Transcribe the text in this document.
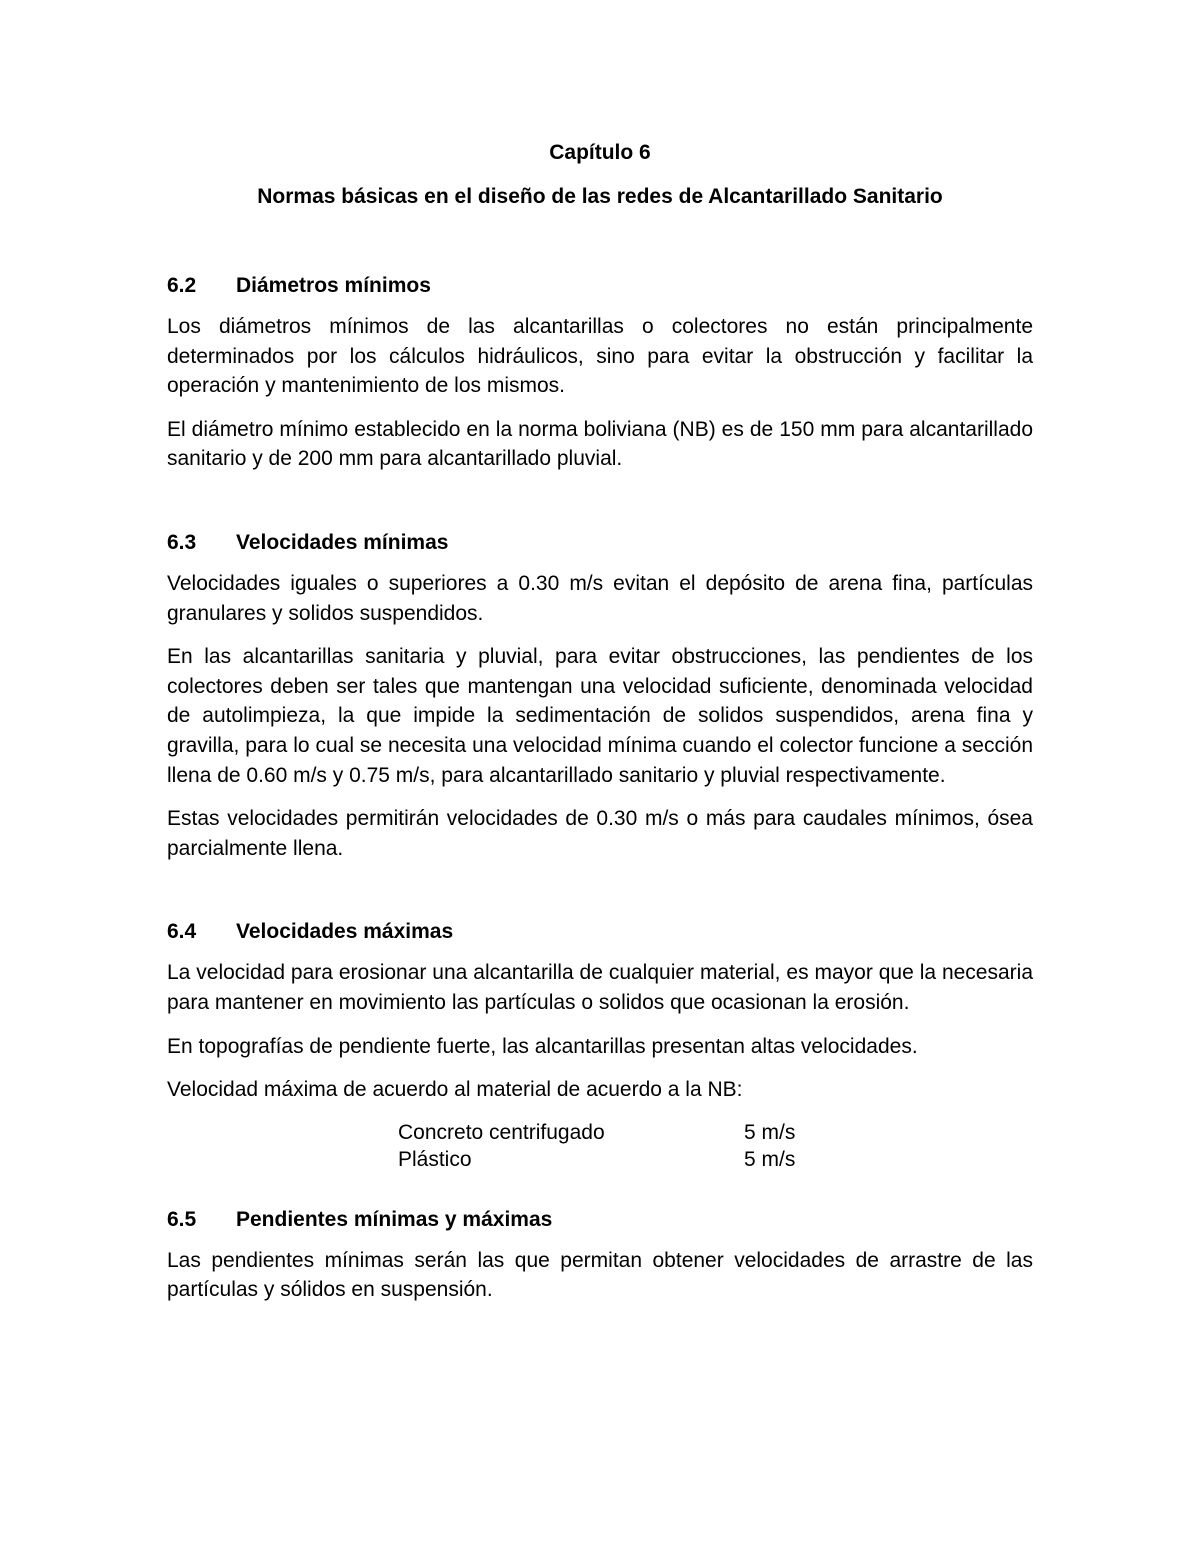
Capítulo 6

Normas básicas en el diseño de las redes de Alcantarillado Sanitario

6.2	Diámetros mínimos

Los diámetros mínimos de las alcantarillas o colectores no están principalmente determinados por los cálculos hidráulicos, sino para evitar la obstrucción y facilitar la operación y mantenimiento de los mismos.

El diámetro mínimo establecido en la norma boliviana (NB) es de 150 mm para alcantarillado sanitario y de 200 mm para alcantarillado pluvial.

6.3	Velocidades mínimas

Velocidades iguales o superiores a 0.30 m/s evitan el depósito de arena fina, partículas granulares y solidos suspendidos.

En las alcantarillas sanitaria y pluvial, para evitar obstrucciones, las pendientes de los colectores deben ser tales que mantengan una velocidad suficiente, denominada velocidad de autolimpieza, la que impide la sedimentación de solidos suspendidos, arena fina y gravilla, para lo cual se necesita una velocidad mínima cuando el colector funcione a sección llena de 0.60 m/s y 0.75 m/s, para alcantarillado sanitario y pluvial respectivamente.

Estas velocidades permitirán velocidades de 0.30 m/s o más para caudales mínimos, ósea parcialmente llena.

6.4	Velocidades máximas

La velocidad para erosionar una alcantarilla de cualquier material, es mayor que la necesaria para mantener en movimiento las partículas o solidos que ocasionan la erosión.

En topografías de pendiente fuerte, las alcantarillas presentan altas velocidades.

Velocidad máxima de acuerdo al material de acuerdo a la NB:

Concreto centrifugado	5 m/s
Plástico	5 m/s
6.5	Pendientes mínimas y máximas

Las pendientes mínimas serán las que permitan obtener velocidades de arrastre de las partículas y sólidos en suspensión.
